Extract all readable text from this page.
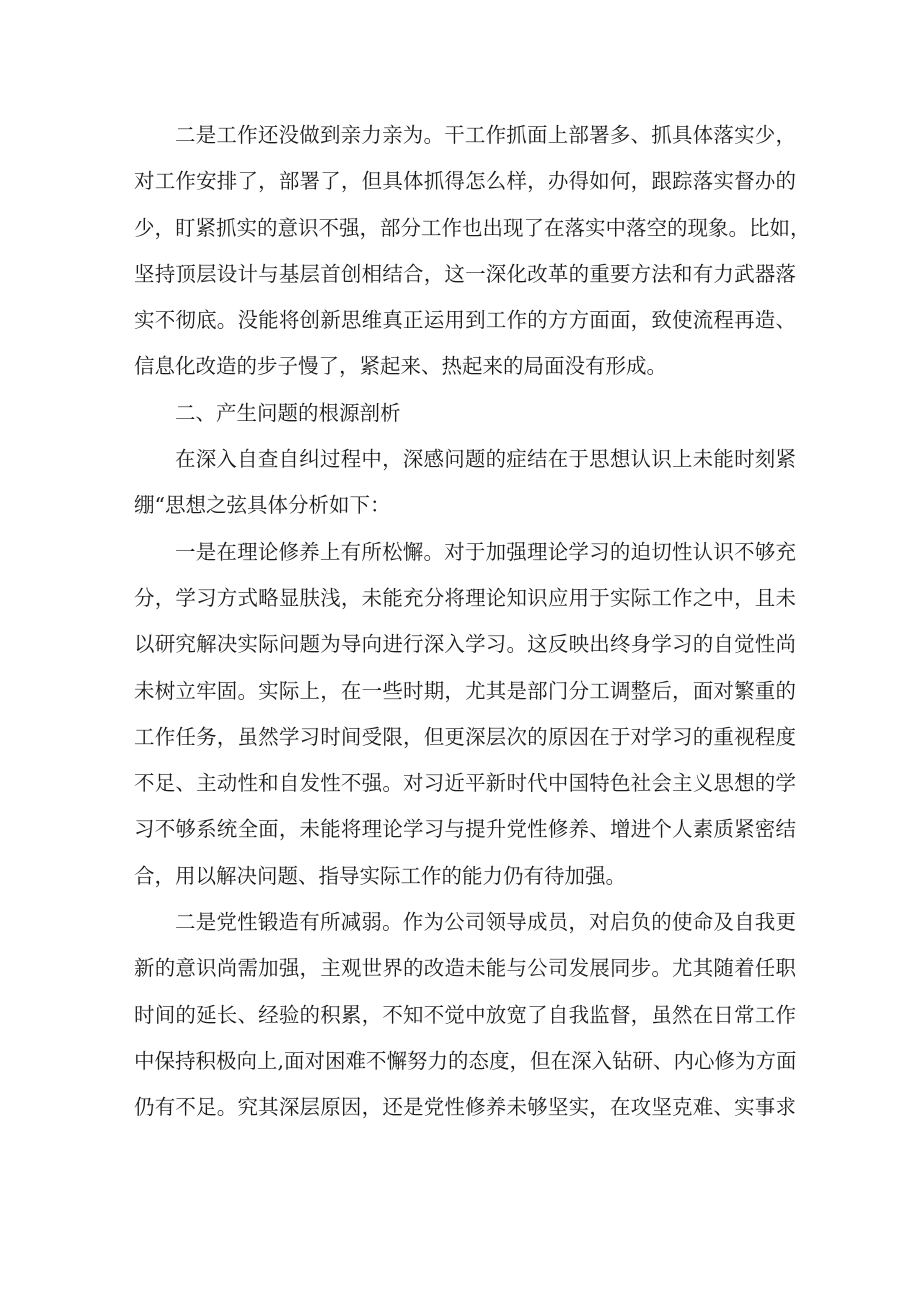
二是工作还没做到亲力亲为。干工作抓面上部署多、抓具体落实少，
对工作安排了，部署了，但具体抓得怎么样，办得如何，跟踪落实督办的
少，盯紧抓实的意识不强，部分工作也出现了在落实中落空的现象。比如，
坚持顶层设计与基层首创相结合，这一深化改革的重要方法和有力武器落
实不彻底。没能将创新思维真正运用到工作的方方面面，致使流程再造、
信息化改造的步子慢了，紧起来、热起来的局面没有形成。
二、产生问题的根源剖析
在深入自查自纠过程中，深感问题的症结在于思想认识上未能时刻紧
绷“思想之弦具体分析如下：
一是在理论修养上有所松懈。对于加强理论学习的迫切性认识不够充
分，学习方式略显肤浅，未能充分将理论知识应用于实际工作之中，且未
以研究解决实际问题为导向进行深入学习。这反映出终身学习的自觉性尚
未树立牢固。实际上，在一些时期，尤其是部门分工调整后，面对繁重的
工作任务，虽然学习时间受限，但更深层次的原因在于对学习的重视程度
不足、主动性和自发性不强。对习近平新时代中国特色社会主义思想的学
习不够系统全面，未能将理论学习与提升党性修养、增进个人素质紧密结
合，用以解决问题、指导实际工作的能力仍有待加强。
二是党性锻造有所减弱。作为公司领导成员，对启负的使命及自我更
新的意识尚需加强，主观世界的改造未能与公司发展同步。尤其随着任职
时间的延长、经验的积累，不知不觉中放宽了自我监督，虽然在日常工作
中保持积极向上,面对困难不懈努力的态度，但在深入钻研、内心修为方面
仍有不足。究其深层原因，还是党性修养未够坚实，在攻坚克难、实事求
